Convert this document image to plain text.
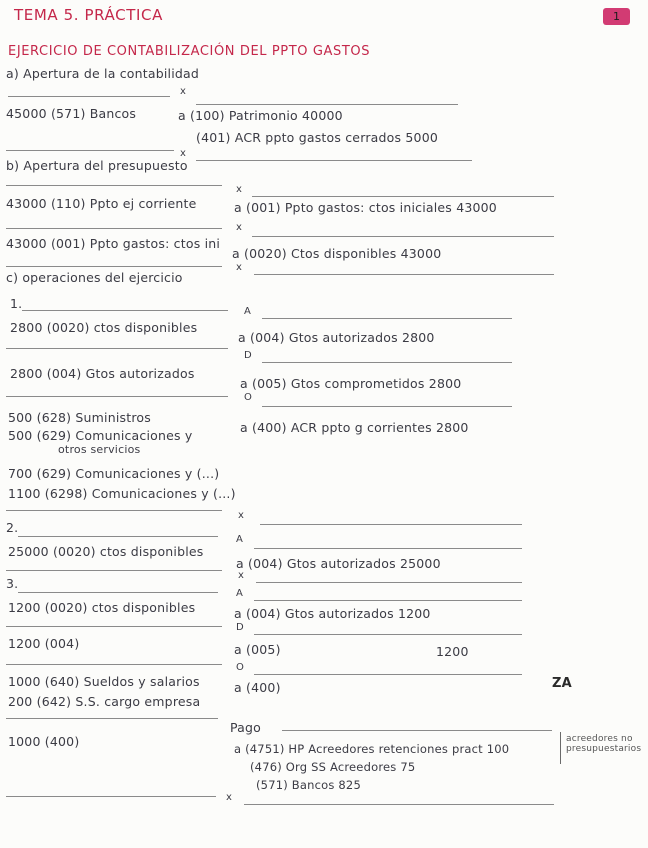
1
TEMA 5. PRÁCTICA
EJERCICIO DE CONTABILIZACIÓN DEL PPTO GASTOS
a) Apertura de la contabilidad
x
45000 (571) Bancos	a (100) Patrimonio 40000
(401) ACR ppto gastos cerrados 5000
x
b) Apertura del presupuesto
x
43000 (110) Ppto ej corriente	a (001) Ppto gastos: ctos iniciales 43000
x
43000 (001) Ppto gastos: ctos ini
a (0020) Ctos disponibles 43000
x
c) operaciones del ejercicio
1.
A
2800 (0020) ctos disponibles
a (004) Gtos autorizados 2800
D
2800 (004) Gtos autorizados
a (005) Gtos comprometidos 2800
O
500 (628) Suministros
a (400) ACR ppto g corrientes 2800
500 (629) Comunicaciones y
otros servicios
700 (629) Comunicaciones y (...)
1100 (6298) Comunicaciones y (...)
x
2.
A
25000 (0020) ctos disponibles
a (004) Gtos autorizados 25000
x
3.
A
1200 (0020) ctos disponibles	a (004) Gtos autorizados 1200
D
1200 (004)	a (005)	1200
O
1000 (640) Sueldos y salarios	a (400)	ZA
200 (642) S.S. cargo empresa
Pago
1000 (400)	a (4751) HP Acreedores retenciones pract 100
acreedores no presupuestarios
(476) Org SS Acreedores 75
(571) Bancos 825
x
